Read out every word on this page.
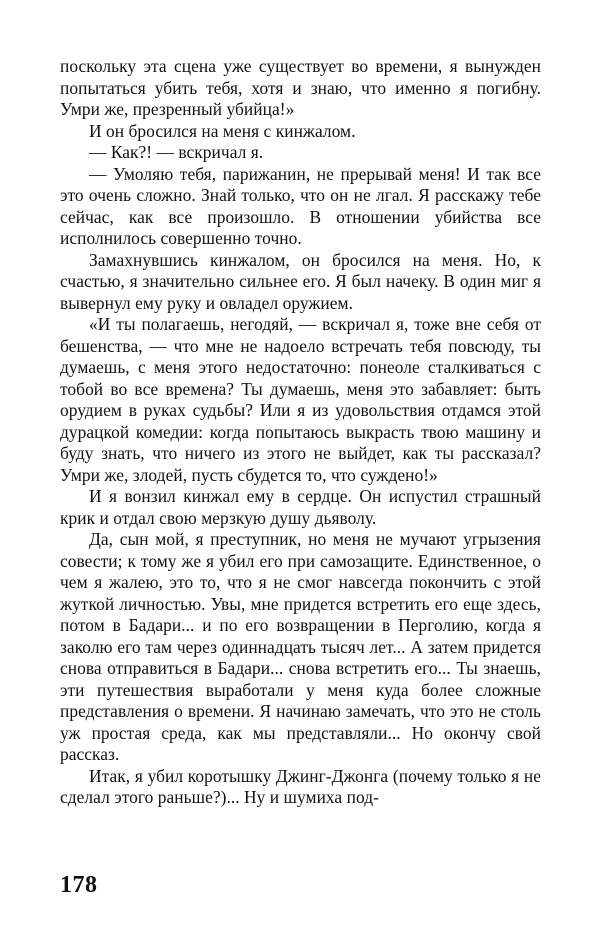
поскольку эта сцена уже существует во времени, я вынужден попытаться убить тебя, хотя и знаю, что именно я погибну. Умри же, презренный убийца!»

И он бросился на меня с кинжалом.

— Как?! — вскричал я.

— Умоляю тебя, парижанин, не прерывай меня! И так все это очень сложно. Знай только, что он не лгал. Я расскажу тебе сейчас, как все произошло. В отношении убийства все исполнилось совершенно точно.

Замахнувшись кинжалом, он бросился на меня. Но, к счастью, я значительно сильнее его. Я был начеку. В один миг я вывернул ему руку и овладел оружием.

«И ты полагаешь, негодяй, — вскричал я, тоже вне себя от бешенства, — что мне не надоело встречать тебя повсюду, ты думаешь, с меня этого недостаточно: понеоле сталкиваться с тобой во все времена? Ты думаешь, меня это забавляет: быть орудием в руках судьбы? Или я из удовольствия отдамся этой дурацкой комедии: когда попытаюсь выкрасть твою машину и буду знать, что ничего из этого не выйдет, как ты рассказал? Умри же, злодей, пусть сбудется то, что суждено!»

И я вонзил кинжал ему в сердце. Он испустил страшный крик и отдал свою мерзкую душу дьяволу.

Да, сын мой, я преступник, но меня не мучают угрызения совести; к тому же я убил его при самозащите. Единственное, о чем я жалею, это то, что я не смог навсегда покончить с этой жуткой личностью. Увы, мне придется встретить его еще здесь, потом в Бадари... и по его возвращении в Перголию, когда я заколю его там через одиннадцать тысяч лет... А затем придется снова отправиться в Бадари... снова встретить его... Ты знаешь, эти путешествия выработали у меня куда более сложные представления о времени. Я начинаю замечать, что это не столь уж простая среда, как мы представляли... Но окончу свой рассказ.

Итак, я убил коротышку Джинг-Джонга (почему только я не сделал этого раньше?)... Ну и шумиха под-

178
